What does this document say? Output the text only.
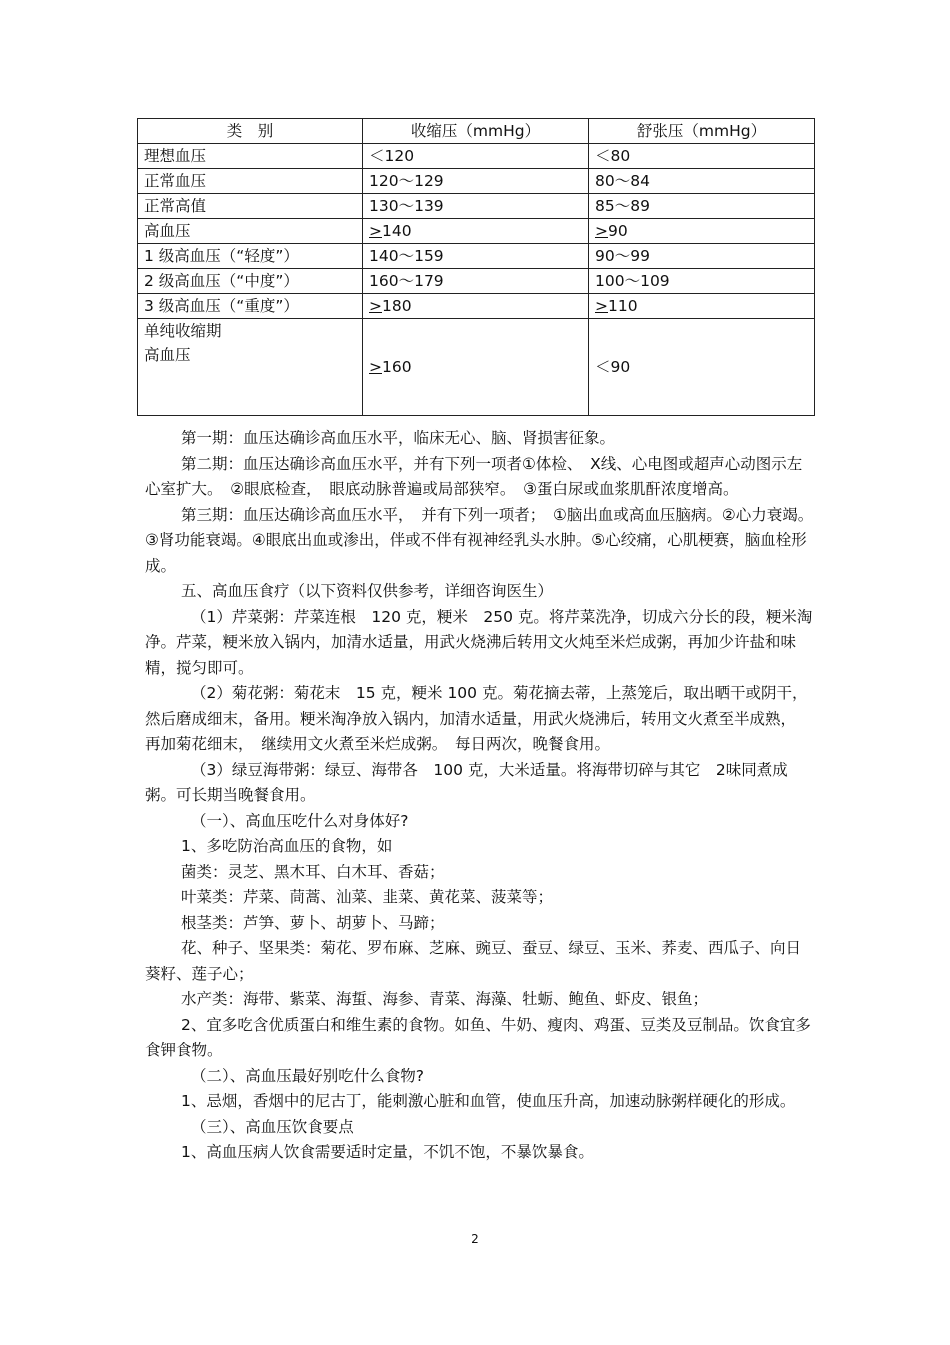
类　别	收缩压（mmHg）	舒张压（mmHg）
理想血压	＜120	＜80
正常血压	120～129	80～84
正常高值	130～139	85～89
高血压	≥140	≥90
1 级高血压（“轻度”）	140～159	90～99
2 级高血压（“中度”）	160～179	100～109
3 级高血压（“重度”）	≥180	≥110

单纯收缩期
高血压	≥160	＜90

第一期：血压达确诊高血压水平，临床无心、脑、肾损害征象。

第二期：血压达确诊高血压水平，并有下列一项者①体检、　X线、心电图或超声心动图示左心室扩大。　②眼底检查，　眼底动脉普遍或局部狭窄。　③蛋白尿或血浆肌酐浓度增高。

第三期：血压达确诊高血压水平，　并有下列一项者；　①脑出血或高血压脑病。②心力衰竭。③肾功能衰竭。④眼底出血或渗出，伴或不伴有视神经乳头水肿。⑤心绞痛，心肌梗赛，脑血栓形成。

五、高血压食疗（以下资料仅供参考，详细咨询医生）

（1）芹菜粥：芹菜连根　120 克，粳米　250 克。将芹菜洗净，切成六分长的段，粳米淘净。芹菜，粳米放入锅内，加清水适量，用武火烧沸后转用文火炖至米烂成粥，再加少许盐和味精，搅匀即可。

（2）菊花粥：菊花末　15 克，粳米 100 克。菊花摘去蒂，上蒸笼后，取出晒干或阴干，然后磨成细末，备用。粳米淘净放入锅内，加清水适量，用武火烧沸后，转用文火煮至半成熟，　再加菊花细末，　继续用文火煮至米烂成粥。　每日两次，晚餐食用。

（3）绿豆海带粥：绿豆、海带各　100 克，大米适量。将海带切碎与其它　2味同煮成粥。可长期当晚餐食用。

（一）、高血压吃什么对身体好?

1、多吃防治高血压的食物，如

菌类：灵芝、黑木耳、白木耳、香菇；

叶菜类：芹菜、茼蒿、汕菜、韭菜、黄花菜、菠菜等；

根茎类：芦笋、萝卜、胡萝卜、马蹄；

花、种子、坚果类：菊花、罗布麻、芝麻、豌豆、蚕豆、绿豆、玉米、荞麦、西瓜子、向日葵籽、莲子心；

水产类：海带、紫菜、海蜇、海参、青菜、海藻、牡蛎、鲍鱼、虾皮、银鱼；

2、宜多吃含优质蛋白和维生素的食物。如鱼、牛奶、瘦肉、鸡蛋、豆类及豆制品。饮食宜多食钾食物。

（二）、高血压最好别吃什么食物?

1、忌烟，香烟中的尼古丁，能刺激心脏和血管，使血压升高，加速动脉粥样硬化的形成。

（三）、高血压饮食要点

1、高血压病人饮食需要适时定量，不饥不饱，不暴饮暴食。

2
